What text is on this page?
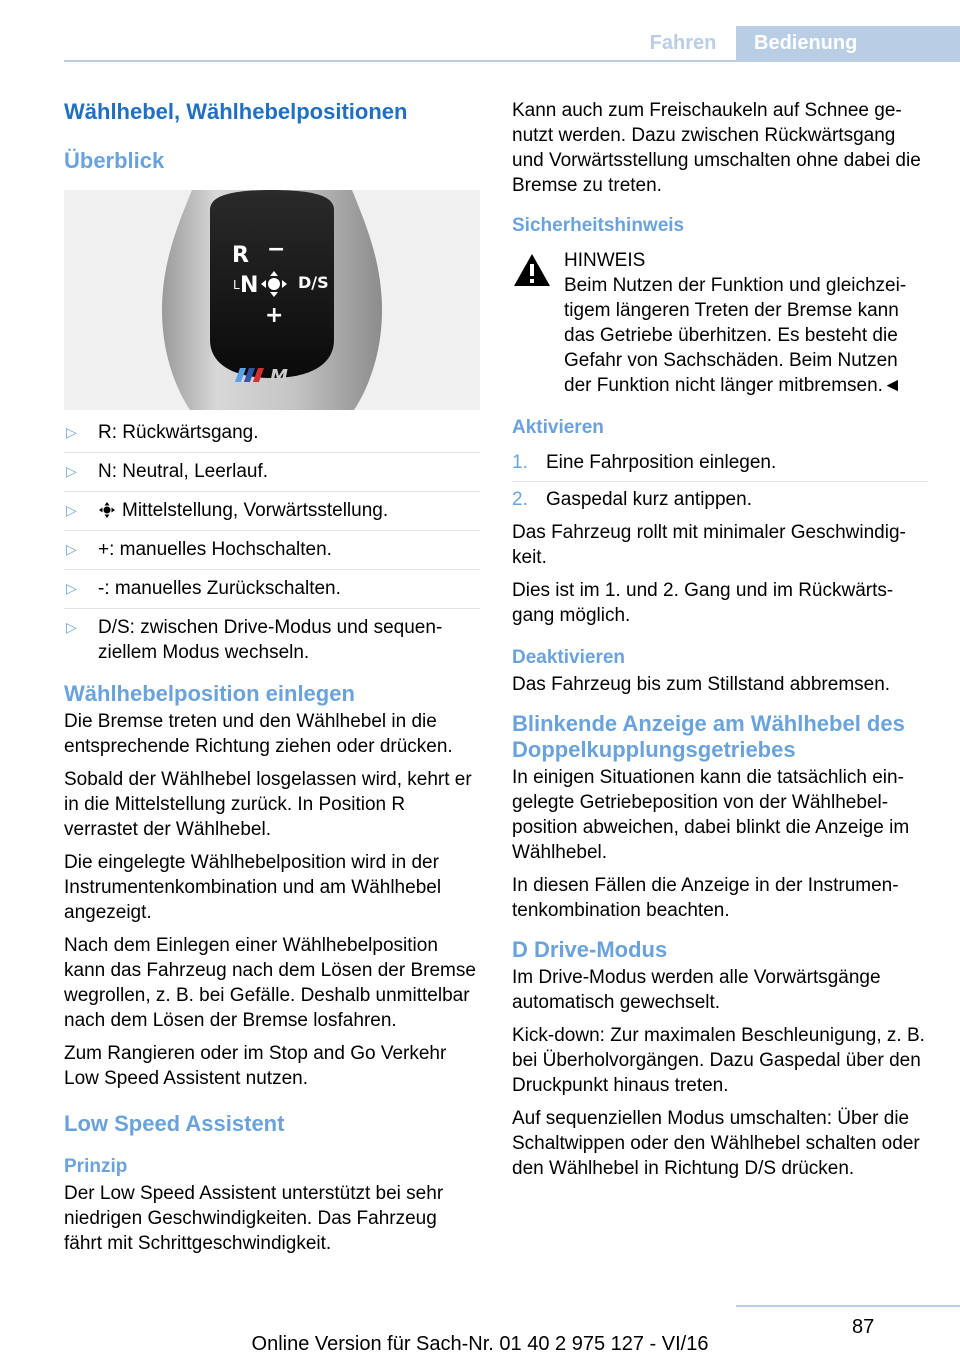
Fahren	Bedienung
Wählhebel, Wählhebelpositionen
Überblick
R −
L N D/S
+
M
▷ R: Rückwärtsgang.
▷ N: Neutral, Leerlauf.
▷ Mittelstellung, Vorwärtsstellung.
▷ +: manuelles Hochschalten.
▷ -: manuelles Zurückschalten.
▷ D/S: zwischen Drive-Modus und sequenziellem Modus wechseln.
Wählhebelposition einlegen

Die Bremse treten und den Wählhebel in die entsprechende Richtung ziehen oder drücken.

Sobald der Wählhebel losgelassen wird, kehrt er in die Mittelstellung zurück. In Position R verrastet der Wählhebel.

Die eingelegte Wählhebelposition wird in der Instrumentenkombination und am Wählhebel angezeigt.

Nach dem Einlegen einer Wählhebelposition kann das Fahrzeug nach dem Lösen der Bremse wegrollen, z. B. bei Gefälle. Deshalb unmittelbar nach dem Lösen der Bremse losfahren.

Zum Rangieren oder im Stop and Go Verkehr Low Speed Assistent nutzen.

Low Speed Assistent
Prinzip

Der Low Speed Assistent unterstützt bei sehr niedrigen Geschwindigkeiten. Das Fahrzeug fährt mit Schrittgeschwindigkeit.

Kann auch zum Freischaukeln auf Schnee genutzt werden. Dazu zwischen Rückwärtsgang und Vorwärtsstellung umschalten ohne dabei die Bremse zu treten.

Sicherheitshinweis
HINWEIS
Beim Nutzen der Funktion und gleichzeitigem längeren Treten der Bremse kann das Getriebe überhitzen. Es besteht die Gefahr von Sachschäden. Beim Nutzen der Funktion nicht länger mitbremsen.◄
Aktivieren
1. Eine Fahrposition einlegen.
2. Gaspedal kurz antippen.

Das Fahrzeug rollt mit minimaler Geschwindigkeit.

Dies ist im 1. und 2. Gang und im Rückwärtsgang möglich.

Deaktivieren

Das Fahrzeug bis zum Stillstand abbremsen.

Blinkende Anzeige am Wählhebel des Doppelkupplungsgetriebes

In einigen Situationen kann die tatsächlich eingelegte Getriebeposition von der Wählhebelposition abweichen, dabei blinkt die Anzeige im Wählhebel.

In diesen Fällen die Anzeige in der Instrumentenkombination beachten.

D Drive-Modus

Im Drive-Modus werden alle Vorwärtsgänge automatisch gewechselt.

Kick-down: Zur maximalen Beschleunigung, z. B. bei Überholvorgängen. Dazu Gaspedal über den Druckpunkt hinaus treten.

Auf sequenziellen Modus umschalten: Über die Schaltwippen oder den Wählhebel schalten oder den Wählhebel in Richtung D/S drücken.

87
Online Version für Sach-Nr. 01 40 2 975 127 - VI/16
